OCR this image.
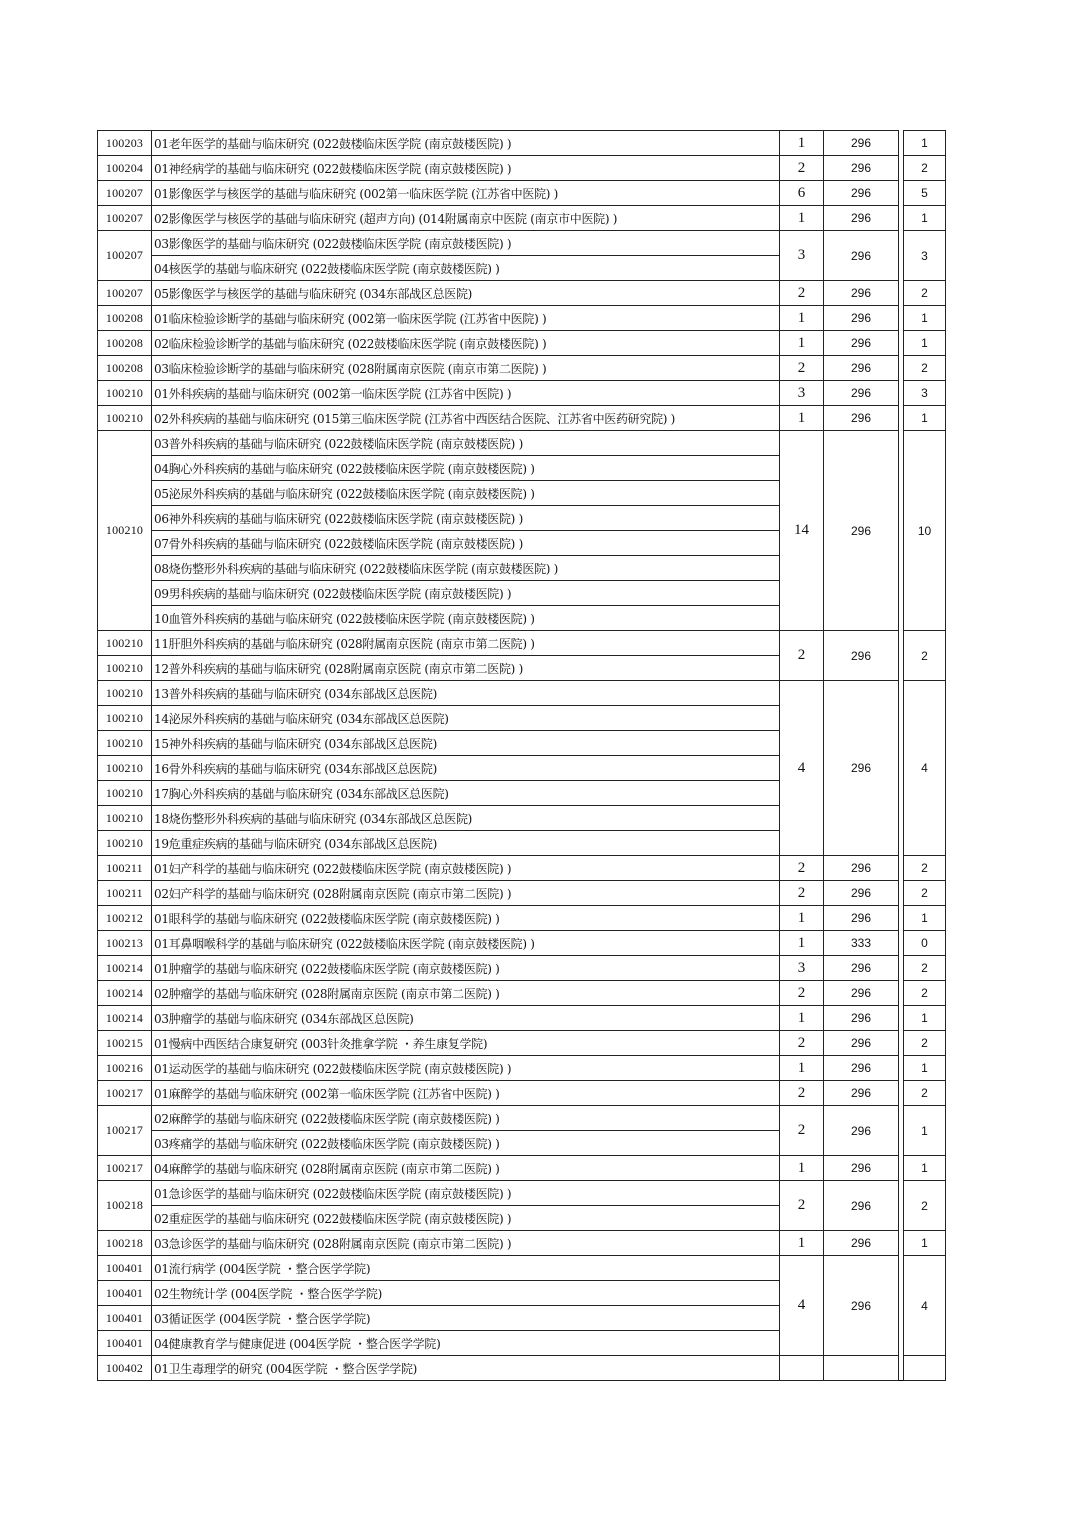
100203	01老年医学的基础与临床研究 (022鼓楼临床医学院 (南京鼓楼医院) )	1	296		1
100204	01神经病学的基础与临床研究 (022鼓楼临床医学院 (南京鼓楼医院) )	2	296		2
100207	01影像医学与核医学的基础与临床研究 (002第一临床医学院 (江苏省中医院) )	6	296		5
100207	02影像医学与核医学的基础与临床研究 (超声方向) (014附属南京中医院 (南京市中医院) )	1	296		1
100207	03影像医学的基础与临床研究 (022鼓楼临床医学院 (南京鼓楼医院) )	3	296		3
	04核医学的基础与临床研究 (022鼓楼临床医学院 (南京鼓楼医院) )				
100207	05影像医学与核医学的基础与临床研究 (034东部战区总医院)	2	296		2
100208	01临床检验诊断学的基础与临床研究 (002第一临床医学院 (江苏省中医院) )	1	296		1
100208	02临床检验诊断学的基础与临床研究 (022鼓楼临床医学院 (南京鼓楼医院) )	1	296		1
100208	03临床检验诊断学的基础与临床研究 (028附属南京医院 (南京市第二医院) )	2	296		2
100210	01外科疾病的基础与临床研究 (002第一临床医学院 (江苏省中医院) )	3	296		3
100210	02外科疾病的基础与临床研究 (015第三临床医学院 (江苏省中西医结合医院、江苏省中医药研究院) )	1	296		1
100210	03普外科疾病的基础与临床研究 (022鼓楼临床医学院 (南京鼓楼医院) )	14	296		10
	04胸心外科疾病的基础与临床研究 (022鼓楼临床医学院 (南京鼓楼医院) )				
	05泌尿外科疾病的基础与临床研究 (022鼓楼临床医学院 (南京鼓楼医院) )				
	06神外科疾病的基础与临床研究 (022鼓楼临床医学院 (南京鼓楼医院) )				
	07骨外科疾病的基础与临床研究 (022鼓楼临床医学院 (南京鼓楼医院) )				
	08烧伤整形外科疾病的基础与临床研究 (022鼓楼临床医学院 (南京鼓楼医院) )				
	09男科疾病的基础与临床研究 (022鼓楼临床医学院 (南京鼓楼医院) )				
	10血管外科疾病的基础与临床研究 (022鼓楼临床医学院 (南京鼓楼医院) )				
100210	11肝胆外科疾病的基础与临床研究 (028附属南京医院 (南京市第二医院) )	2	296		2
100210	12普外科疾病的基础与临床研究 (028附属南京医院 (南京市第二医院) )				
100210	13普外科疾病的基础与临床研究 (034东部战区总医院)	4	296		4
100210	14泌尿外科疾病的基础与临床研究 (034东部战区总医院)				
100210	15神外科疾病的基础与临床研究 (034东部战区总医院)				
100210	16骨外科疾病的基础与临床研究 (034东部战区总医院)				
100210	17胸心外科疾病的基础与临床研究 (034东部战区总医院)				
100210	18烧伤整形外科疾病的基础与临床研究 (034东部战区总医院)				
100210	19危重症疾病的基础与临床研究 (034东部战区总医院)				
100211	01妇产科学的基础与临床研究 (022鼓楼临床医学院 (南京鼓楼医院) )	2	296		2
100211	02妇产科学的基础与临床研究 (028附属南京医院 (南京市第二医院) )	2	296		2
100212	01眼科学的基础与临床研究 (022鼓楼临床医学院 (南京鼓楼医院) )	1	296		1
100213	01耳鼻咽喉科学的基础与临床研究 (022鼓楼临床医学院 (南京鼓楼医院) )	1	333		0
100214	01肿瘤学的基础与临床研究 (022鼓楼临床医学院 (南京鼓楼医院) )	3	296		2
100214	02肿瘤学的基础与临床研究 (028附属南京医院 (南京市第二医院) )	2	296		2
100214	03肿瘤学的基础与临床研究 (034东部战区总医院)	1	296		1
100215	01慢病中西医结合康复研究 (003针灸推拿学院 ・养生康复学院)	2	296		2
100216	01运动医学的基础与临床研究 (022鼓楼临床医学院 (南京鼓楼医院) )	1	296		1
100217	01麻醉学的基础与临床研究 (002第一临床医学院 (江苏省中医院) )	2	296		2
100217	02麻醉学的基础与临床研究 (022鼓楼临床医学院 (南京鼓楼医院) )	2	296		1
	03疼痛学的基础与临床研究 (022鼓楼临床医学院 (南京鼓楼医院) )				
100217	04麻醉学的基础与临床研究 (028附属南京医院 (南京市第二医院) )	1	296		1
100218	01急诊医学的基础与临床研究 (022鼓楼临床医学院 (南京鼓楼医院) )	2	296		2
	02重症医学的基础与临床研究 (022鼓楼临床医学院 (南京鼓楼医院) )				
100218	03急诊医学的基础与临床研究 (028附属南京医院 (南京市第二医院) )	1	296		1
100401	01流行病学 (004医学院 ・整合医学学院)	4	296		4
100401	02生物统计学 (004医学院 ・整合医学学院)				
100401	03循证医学 (004医学院 ・整合医学学院)				
100401	04健康教育学与健康促进 (004医学院 ・整合医学学院)				
100402	01卫生毒理学的研究 (004医学院 ・整合医学学院)				
